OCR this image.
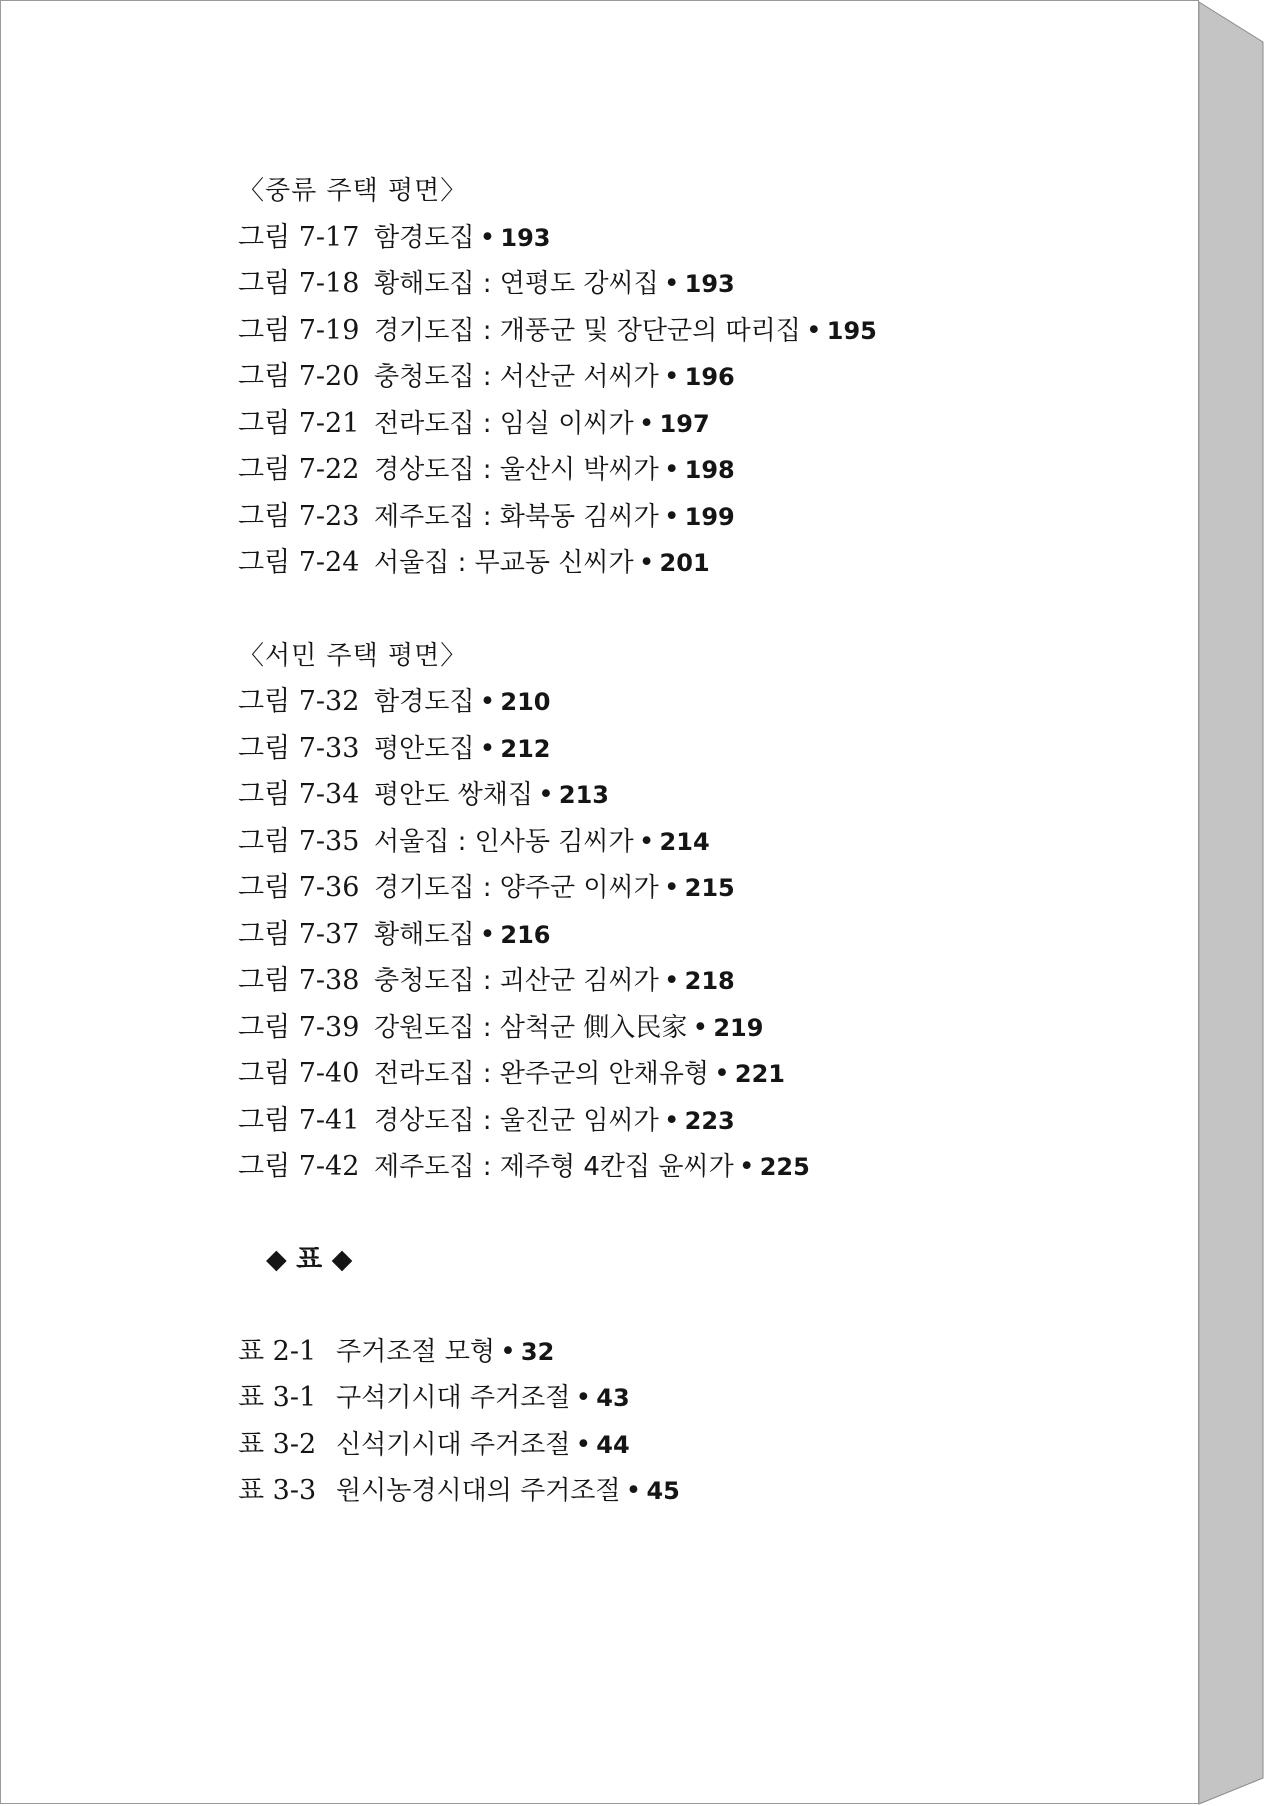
〈중류 주택 평면〉
그림 7-17 함경도집 • 193
그림 7-18 황해도집 : 연평도 강씨집 • 193
그림 7-19 경기도집 : 개풍군 및 장단군의 따리집 • 195
그림 7-20 충청도집 : 서산군 서씨가 • 196
그림 7-21 전라도집 : 임실 이씨가 • 197
그림 7-22 경상도집 : 울산시 박씨가 • 198
그림 7-23 제주도집 : 화북동 김씨가 • 199
그림 7-24 서울집 : 무교동 신씨가 • 201
〈서민 주택 평면〉
그림 7-32 함경도집 • 210
그림 7-33 평안도집 • 212
그림 7-34 평안도 쌍채집 • 213
그림 7-35 서울집 : 인사동 김씨가 • 214
그림 7-36 경기도집 : 양주군 이씨가 • 215
그림 7-37 황해도집 • 216
그림 7-38 충청도집 : 괴산군 김씨가 • 218
그림 7-39 강원도집 : 삼척군 側入民家 • 219
그림 7-40 전라도집 : 완주군의 안채유형 • 221
그림 7-41 경상도집 : 울진군 임씨가 • 223
그림 7-42 제주도집 : 제주형 4칸집 윤씨가 • 225
◆ 표 ◆
표 2-1 주거조절 모형 • 32
표 3-1 구석기시대 주거조절 • 43
표 3-2 신석기시대 주거조절 • 44
표 3-3 원시농경시대의 주거조절 • 45
